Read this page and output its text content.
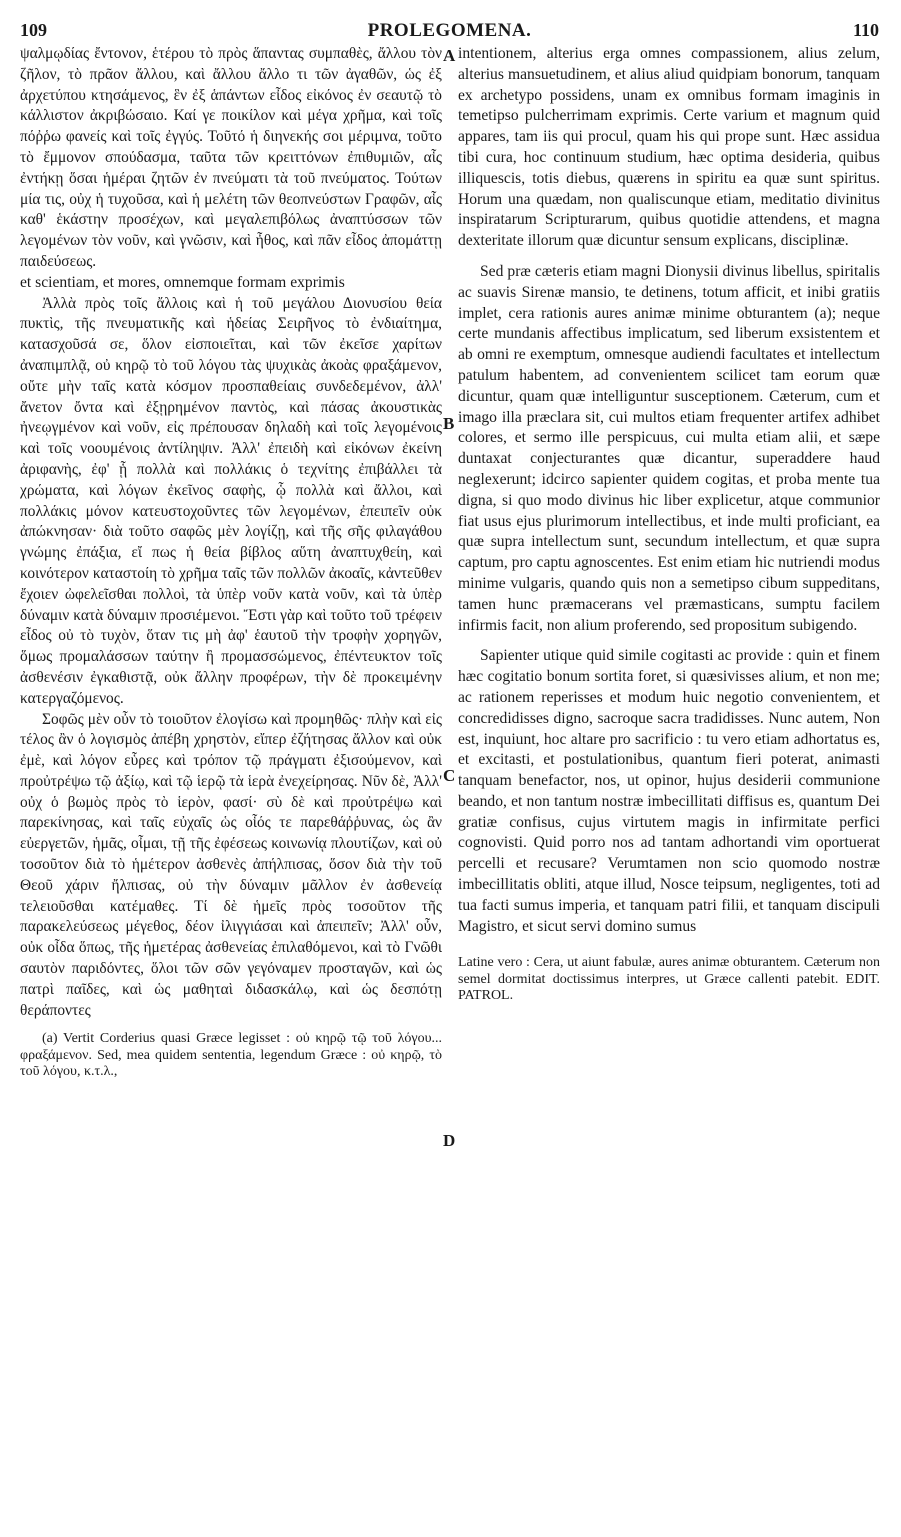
109	PROLEGOMENA.	110

ψαλμῳδίας ἔντονον, ἑτέρου τὸ πρὸς ἅπαντας συμπαθὲς, ἄλλου τὸν ζῆλον, τὸ πρᾶον ἄλλου, καὶ ἄλλου ἄλλο τι τῶν ἀγαθῶν, ὡς ἐξ ἀρχετύπου κτησάμενος, ἓν ἐξ ἁπάντων εἶδος εἰκόνος ἐν σεαυτῷ τὸ κάλλιστον ἀκριβώσαιο. Καί γε ποικίλον καὶ μέγα χρῆμα, καὶ τοῖς πόῤῥω φανείς καὶ τοῖς ἐγγύς. Τοῦτό ἡ διηνεκής σοι μέριμνα, τοῦτο τὸ ἔμμονον σπούδασμα, ταῦτα τῶν κρειττόνων ἐπιθυμιῶν, αἷς ἐντήκῃ ὅσαι ἡμέραι ζητῶν ἐν πνεύματι τὰ τοῦ πνεύματος. Τούτων μία τις, οὐχ ἡ τυχοῦσα, καὶ ἡ μελέτη τῶν θεοπνεύστων Γραφῶν, αἷς καθ' ἑκάστην προσέχων, καὶ μεγαλεπιβόλως ἀναπτύσσων τῶν λεγομένων τὸν νοῦν, καὶ γνῶσιν, καὶ ἦθος, καὶ πᾶν εἶδος ἀπομάττῃ παιδεύσεως.

et scientiam, et mores, omnemque formam exprimis

Ἀλλὰ πρὸς τοῖς ἄλλοις καὶ ἡ τοῦ μεγάλου Διονυσίου θεία πυκτὶς, τῆς πνευματικῆς καὶ ἡδείας Σειρῆνος τὸ ἐνδιαίτημα, κατασχοῦσά σε, ὅλον εἰσποιεῖται, καὶ τῶν ἐκεῖσε χαρίτων ἀναπιμπλᾷ, οὐ κηρῷ τὸ τοῦ λόγου τὰς ψυχικὰς ἀκοὰς φραξάμενον, οὔτε μὴν ταῖς κατὰ κόσμον προσπαθείαις συνδεδεμένον, ἀλλ' ἄνετον ὄντα καὶ ἐξῃρημένον παντὸς, καὶ πάσας ἀκουστικὰς ἠνεῳγμένον καὶ νοῦν, εἰς πρέπουσαν δηλαδὴ καὶ τοῖς λεγομένοις καὶ τοῖς νοουμένοις ἀντίληψιν. Ἀλλ' ἐπειδὴ καὶ εἰκόνων ἐκείνη ἀριφανὴς, ἐφ' ᾗ πολλὰ καὶ πολλάκις ὁ τεχνίτης ἐπιβάλλει τὰ χρώματα, καὶ λόγων ἐκεῖνος σαφὴς, ᾧ πολλὰ καὶ ἄλλοι, καὶ πολλάκις μόνον κατευστοχοῦντες τῶν λεγομένων, ἐπειπεῖν οὐκ ἀπώκνησαν· διὰ τοῦτο σαφῶς μὲν λογίζῃ, καὶ τῆς σῆς φιλαγάθου γνώμης ἐπάξια, εἴ πως ἡ θεία βίβλος αὕτη ἀναπτυχθείη, καὶ κοινότερον καταστοίη τὸ χρῆμα ταῖς τῶν πολλῶν ἀκοαῖς, κἀντεῦθεν ἔχοιεν ὠφελεῖσθαι πολλοὶ, τὰ ὑπὲρ νοῦν κατὰ νοῦν, καὶ τὰ ὑπὲρ δύναμιν κατὰ δύναμιν προσιέμενοι. Ἔστι γὰρ καὶ τοῦτο τοῦ τρέφειν εἶδος οὐ τὸ τυχὸν, ὅταν τις μὴ ἀφ' ἑαυτοῦ τὴν τροφὴν χορηγῶν, ὅμως προμαλάσσων ταύτην ἢ προμασσώμενος, ἐπέντευκτον τοῖς ἀσθενέσιν ἐγκαθιστᾷ, οὐκ ἄλλην προφέρων, τὴν δὲ προκειμένην κατεργαζόμενος.

Σοφῶς μὲν οὖν τὸ τοιοῦτον ἐλογίσω καὶ προμηθῶς· πλὴν καὶ εἰς τέλος ἂν ὁ λογισμὸς ἀπέβη χρηστὸν, εἴπερ ἐζήτησας ἄλλον καὶ οὐκ ἐμὲ, καὶ λόγον εὗρες καὶ τρόπον τῷ πράγματι ἐξισούμενον, καὶ προὐτρέψω τῷ ἀξίῳ, καὶ τῷ ἱερῷ τὰ ἱερὰ ἐνεχείρησας. Νῦν δὲ, Ἀλλ' οὐχ ὁ βωμὸς πρὸς τὸ ἱερὸν, φασί· σὺ δὲ καὶ προὐτρέψω καὶ παρεκίνησας, καὶ ταῖς εὐχαῖς ὡς οἷός τε παρεθάῤῥυνας, ὡς ἂν εὐεργετῶν, ἡμᾶς, οἶμαι, τῇ τῆς ἐφέσεως κοινωνίᾳ πλουτίζων, καὶ οὐ τοσοῦτον διὰ τὸ ἡμέτερον ἀσθενὲς ἀπήλπισας, ὅσον διὰ τὴν τοῦ Θεοῦ χάριν ἤλπισας, οὐ τὴν δύναμιν μᾶλλον ἐν ἀσθενείᾳ τελειοῦσθαι κατέμαθες. Τί δὲ ἡμεῖς πρὸς τοσοῦτον τῆς παρακελεύσεως μέγεθος, δέον ἰλιγγιάσαι καὶ ἀπειπεῖν; Ἀλλ' οὖν, οὐκ οἶδα ὅπως, τῆς ἡμετέρας ἀσθενείας ἐπιλαθόμενοι, καὶ τὸ Γνῶθι σαυτὸν παριδόντες, ὅλοι τῶν σῶν γεγόναμεν προσταγῶν, καὶ ὡς πατρὶ παῖδες, καὶ ὡς μαθηταὶ διδασκάλῳ, καὶ ὡς δεσπότῃ θεράποντες

(a) Vertit Corderius quasi Græce legisset : οὐ κηρῷ τῷ τοῦ λόγου... φραξάμενον. Sed, mea quidem sententia, legendum Græce : οὐ κηρῷ, τὸ τοῦ λόγου, κ.τ.λ.,

A
B
C
D

intentionem, alterius erga omnes compassionem, alius zelum, alterius mansuetudinem, et alius aliud quidpiam bonorum, tanquam ex archetypo possidens, unam ex omnibus formam imaginis in temetipso pulcherrimam exprimis. Certe varium et magnum quid appares, tam iis qui procul, quam his qui prope sunt. Hæc assidua tibi cura, hoc continuum studium, hæc optima desideria, quibus illiquescis, totis diebus, quærens in spiritu ea quæ sunt spiritus. Horum una quædam, non qualiscunque etiam, meditatio divinitus inspiratarum Scripturarum, quibus quotidie attendens, et magna dexteritate illorum quæ dicuntur sensum explicans, disciplinæ.

Sed præ cæteris etiam magni Dionysii divinus libellus, spiritalis ac suavis Sirenæ mansio, te detinens, totum afficit, et inibi gratiis implet, cera rationis aures animæ minime obturantem (a); neque certe mundanis affectibus implicatum, sed liberum exsistentem et ab omni re exemptum, omnesque audiendi facultates et intellectum patulum habentem, ad convenientem scilicet tam eorum quæ dicuntur, quam quæ intelliguntur susceptionem. Cæterum, cum et imago illa præclara sit, cui multos etiam frequenter artifex adhibet colores, et sermo ille perspicuus, cui multa etiam alii, et sæpe duntaxat conjecturantes quæ dicantur, superaddere haud neglexerunt; idcirco sapienter quidem cogitas, et proba mente tua digna, si quo modo divinus hic liber explicetur, atque communior fiat usus ejus plurimorum intellectibus, et inde multi proficiant, ea quæ supra intellectum sunt, secundum intellectum, et quæ supra captum, pro captu agnoscentes. Est enim etiam hic nutriendi modus minime vulgaris, quando quis non a semetipso cibum suppeditans, tamen hunc præmacerans vel præmasticans, sumptu facilem infirmis facit, non alium proferendo, sed propositum subigendo.

Sapienter utique quid simile cogitasti ac provide : quin et finem hæc cogitatio bonum sortita foret, si quæsivisses alium, et non me; ac rationem reperisses et modum huic negotio convenientem, et concredidisses digno, sacroque sacra tradidisses. Nunc autem, Non est, inquiunt, hoc altare pro sacrificio : tu vero etiam adhortatus es, et excitasti, et postulationibus, quantum fieri poterat, animasti tanquam benefactor, nos, ut opinor, hujus desiderii communione beando, et non tantum nostræ imbecillitati diffisus es, quantum Dei gratiæ confisus, cujus virtutem magis in infirmitate perfici cognovisti. Quid porro nos ad tantam adhortandi vim oportuerat percelli et recusare? Verumtamen non scio quomodo nostræ imbecillitatis obliti, atque illud, Nosce teipsum, negligentes, toti ad tua facti sumus imperia, et tanquam patri filii, et tanquam discipuli Magistro, et sicut servi domino sumus

Latine vero : Cera, ut aiunt fabulæ, aures animæ obturantem. Cæterum non semel dormitat doctissimus interpres, ut Græce callenti patebit. EDIT. PATROL.
